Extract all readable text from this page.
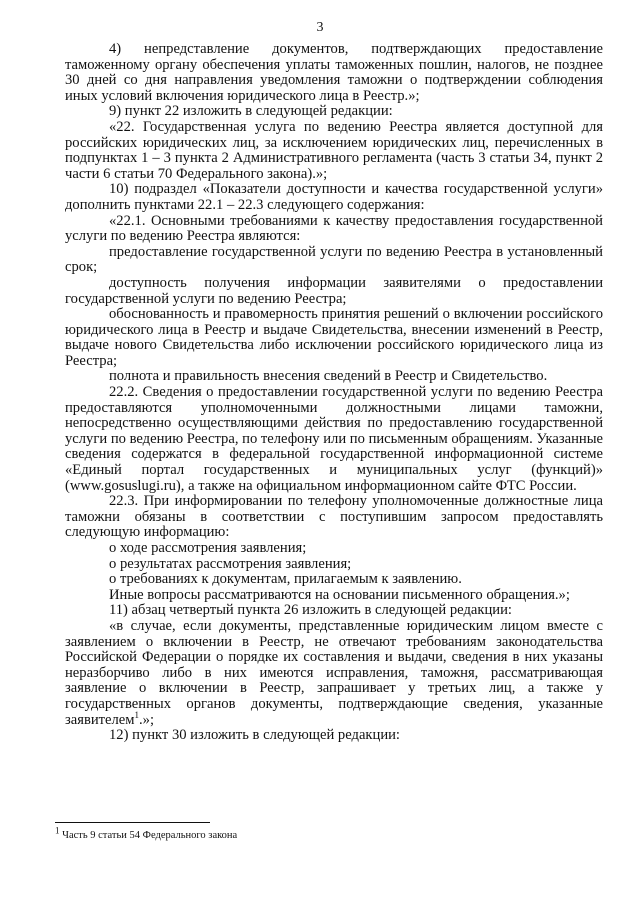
3

4) непредставление документов, подтверждающих предоставление таможенному органу обеспечения уплаты таможенных пошлин, налогов, не позднее 30 дней со дня направления уведомления таможни о подтверждении соблюдения иных условий включения юридического лица в Реестр.»;

9) пункт 22 изложить в следующей редакции:

«22. Государственная услуга по ведению Реестра является доступной для российских юридических лиц, за исключением юридических лиц, перечисленных в подпунктах 1 – 3 пункта 2 Административного регламента (часть 3 статьи 34, пункт 2 части 6 статьи 70 Федерального закона).»;

10) подраздел «Показатели доступности и качества государственной услуги» дополнить пунктами 22.1 – 22.3 следующего содержания:

«22.1. Основными требованиями к качеству предоставления государственной услуги по ведению Реестра являются:

предоставление государственной услуги по ведению Реестра в установленный срок;

доступность получения информации заявителями о предоставлении государственной услуги по ведению Реестра;

обоснованность и правомерность принятия решений о включении российского юридического лица в Реестр и выдаче Свидетельства, внесении изменений в Реестр, выдаче нового Свидетельства либо исключении российского юридического лица из Реестра;

полнота и правильность внесения сведений в Реестр и Свидетельство.

22.2. Сведения о предоставлении государственной услуги по ведению Реестра предоставляются уполномоченными должностными лицами таможни, непосредственно осуществляющими действия по предоставлению государственной услуги по ведению Реестра, по телефону или по письменным обращениям. Указанные сведения содержатся в федеральной государственной информационной системе «Единый портал государственных и муниципальных услуг (функций)» (www.gosuslugi.ru), а также на официальном информационном сайте ФТС России.

22.3. При информировании по телефону уполномоченные должностные лица таможни обязаны в соответствии с поступившим запросом предоставлять следующую информацию:

о ходе рассмотрения заявления;

о результатах рассмотрения заявления;

о требованиях к документам, прилагаемым к заявлению.

Иные вопросы рассматриваются на основании письменного обращения.»;

11) абзац четвертый пункта 26 изложить в следующей редакции:

«в случае, если документы, представленные юридическим лицом вместе с заявлением о включении в Реестр, не отвечают требованиям законодательства Российской Федерации о порядке их составления и выдачи, сведения в них указаны неразборчиво либо в них имеются исправления, таможня, рассматривающая заявление о включении в Реестр, запрашивает у третьих лиц, а также у государственных органов документы, подтверждающие сведения, указанные заявителем$^1$.»;

12) пункт 30 изложить в следующей редакции:

$^1$ Часть 9 статьи 54 Федерального закона
